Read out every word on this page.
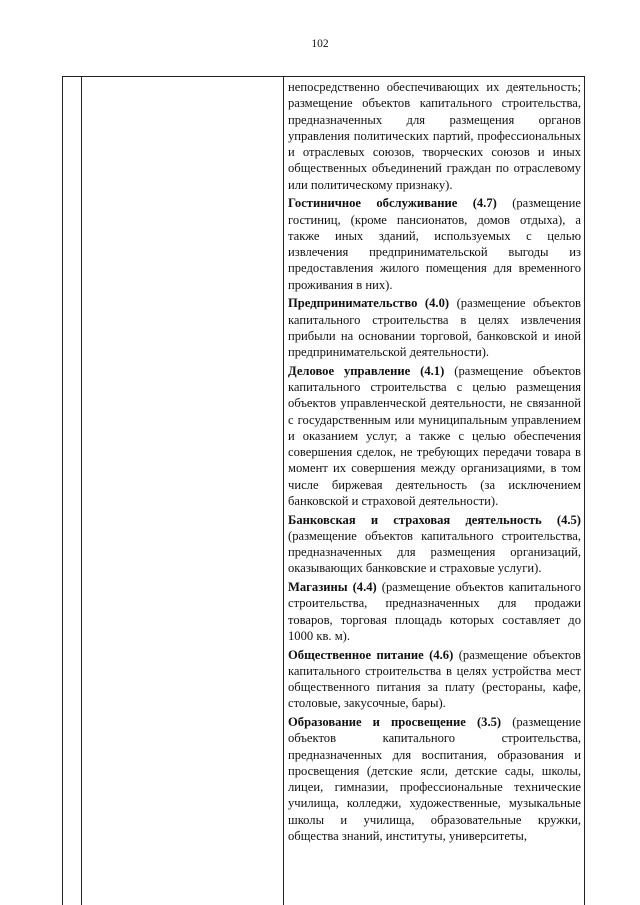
102

непосредственно обеспечивающих их деятельность; размещение объектов капитального строительства, предназначенных для размещения органов управления политических партий, профессиональных и отраслевых союзов, творческих союзов и иных общественных объединений граждан по отраслевому или политическому признаку).

Гостиничное обслуживание (4.7) (размещение гостиниц, (кроме пансионатов, домов отдыха), а также иных зданий, используемых с целью извлечения предпринимательской выгоды из предоставления жилого помещения для временного проживания в них).

Предпринимательство (4.0) (размещение объектов капитального строительства в целях извлечения прибыли на основании торговой, банковской и иной предпринимательской деятельности).

Деловое управление (4.1) (размещение объектов капитального строительства с целью размещения объектов управленческой деятельности, не связанной с государственным или муниципальным управлением и оказанием услуг, а также с целью обеспечения совершения сделок, не требующих передачи товара в момент их совершения между организациями, в том числе биржевая деятельность (за исключением банковской и страховой деятельности).

Банковская и страховая деятельность (4.5) (размещение объектов капитального строительства, предназначенных для размещения организаций, оказывающих банковские и страховые услуги).

Магазины (4.4) (размещение объектов капитального строительства, предназначенных для продажи товаров, торговая площадь которых составляет до 1000 кв. м).

Общественное питание (4.6) (размещение объектов капитального строительства в целях устройства мест общественного питания за плату (рестораны, кафе, столовые, закусочные, бары).

Образование и просвещение (3.5) (размещение объектов капитального строительства, предназначенных для воспитания, образования и просвещения (детские ясли, детские сады, школы, лицеи, гимназии, профессиональные технические училища, колледжи, художественные, музыкальные школы и училища, образовательные кружки, общества знаний, институты, университеты,
